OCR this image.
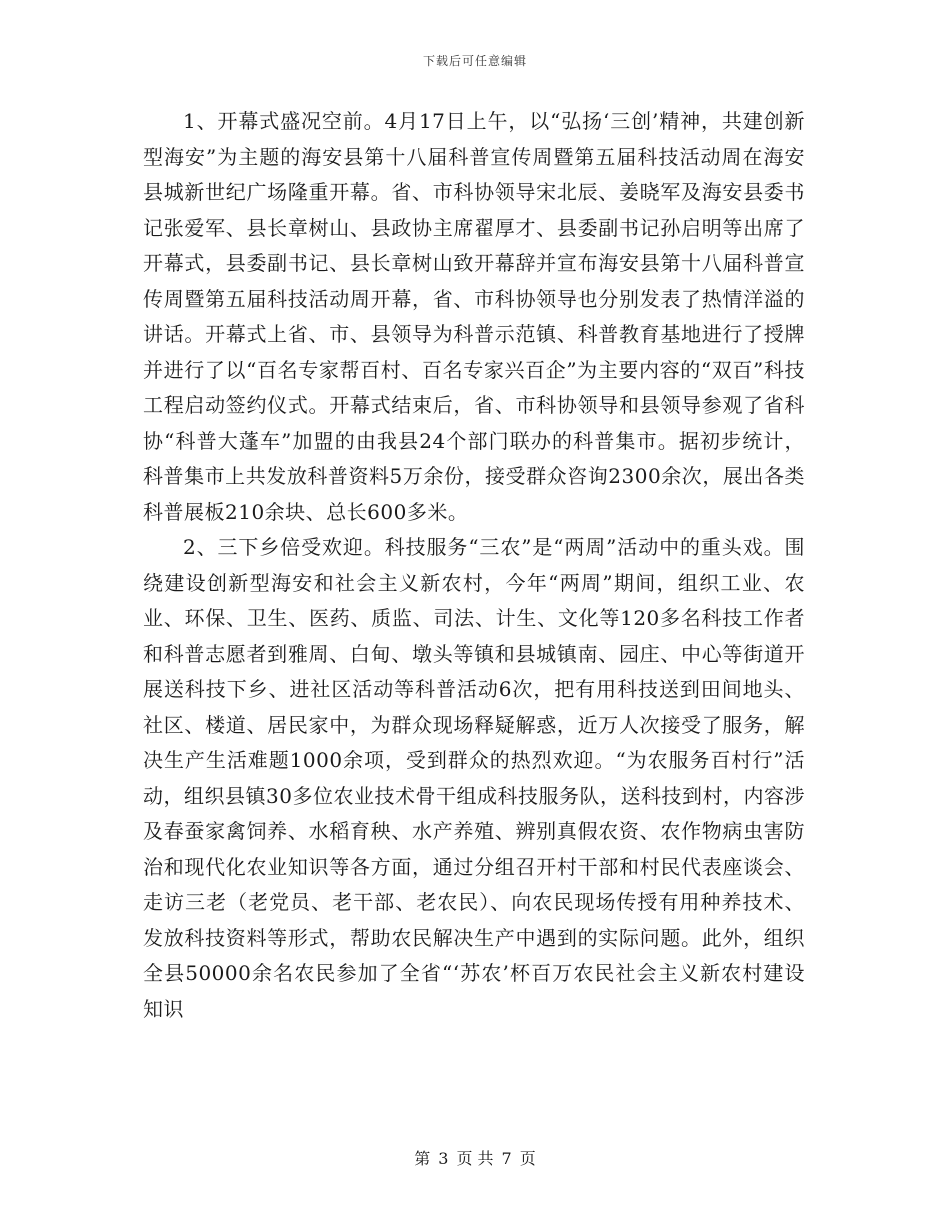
下载后可任意编辑

1、开幕式盛况空前。4月17日上午，以“弘扬‘三创’精神，共建创新型海安”为主题的海安县第十八届科普宣传周暨第五届科技活动周在海安县城新世纪广场隆重开幕。省、市科协领导宋北辰、姜晓军及海安县委书记张爱军、县长章树山、县政协主席翟厚才、县委副书记孙启明等出席了开幕式，县委副书记、县长章树山致开幕辞并宣布海安县第十八届科普宣传周暨第五届科技活动周开幕，省、市科协领导也分别发表了热情洋溢的讲话。开幕式上省、市、县领导为科普示范镇、科普教育基地进行了授牌并进行了以“百名专家帮百村、百名专家兴百企”为主要内容的“双百”科技工程启动签约仪式。开幕式结束后，省、市科协领导和县领导参观了省科协“科普大蓬车”加盟的由我县24个部门联办的科普集市。据初步统计，科普集市上共发放科普资料5万余份，接受群众咨询2300余次，展出各类科普展板210余块、总长600多米。

2、三下乡倍受欢迎。科技服务“三农”是“两周”活动中的重头戏。围绕建设创新型海安和社会主义新农村，今年“两周”期间，组织工业、农业、环保、卫生、医药、质监、司法、计生、文化等120多名科技工作者和科普志愿者到雅周、白甸、墩头等镇和县城镇南、园庄、中心等街道开展送科技下乡、进社区活动等科普活动6次，把有用科技送到田间地头、社区、楼道、居民家中，为群众现场释疑解惑，近万人次接受了服务，解决生产生活难题1000余项，受到群众的热烈欢迎。“为农服务百村行”活动，组织县镇30多位农业技术骨干组成科技服务队，送科技到村，内容涉及春蚕家禽饲养、水稻育秧、水产养殖、辨别真假农资、农作物病虫害防治和现代化农业知识等各方面，通过分组召开村干部和村民代表座谈会、走访三老（老党员、老干部、老农民）、向农民现场传授有用种养技术、发放科技资料等形式，帮助农民解决生产中遇到的实际问题。此外，组织全县50000余名农民参加了全省“‘苏农’杯百万农民社会主义新农村建设知识

第 3 页 共 7 页
